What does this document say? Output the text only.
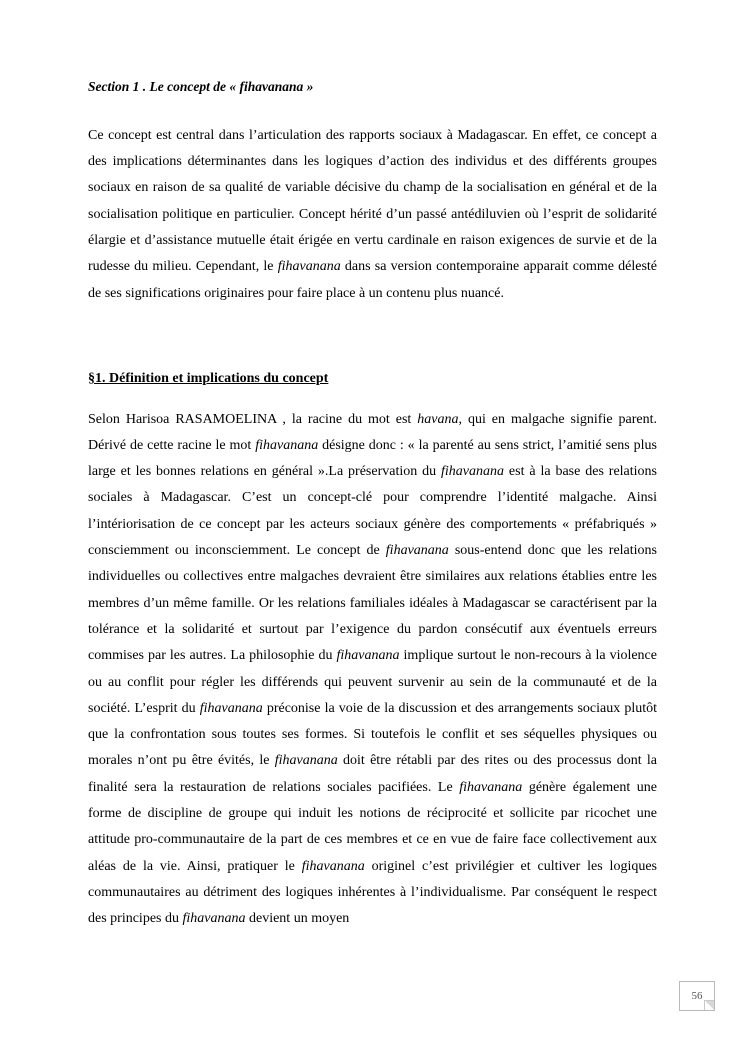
Section 1 . Le concept de « fihavanana »

Ce concept est central dans l’articulation des rapports sociaux à Madagascar. En effet, ce concept a des implications déterminantes dans les logiques d’action des individus et des différents groupes sociaux en raison de sa qualité de variable décisive du champ de la socialisation en général et de la socialisation politique en particulier. Concept hérité d’un passé antédiluvien où l’esprit de solidarité élargie et d’assistance mutuelle était érigée en vertu cardinale en raison exigences de survie et de la rudesse du milieu. Cependant, le fihavanana dans sa version contemporaine apparait comme délesté de ses significations originaires pour faire place à un contenu plus nuancé.

§1. Définition et implications du concept

Selon Harisoa RASAMOELINA , la racine du mot est havana, qui en malgache signifie parent. Dérivé de cette racine le mot fihavanana désigne donc : « la parenté au sens strict, l’amitié sens plus large et les bonnes relations en général ».La préservation du fihavanana est à la base des relations sociales à Madagascar. C’est un concept-clé pour comprendre l’identité malgache. Ainsi l’intériorisation de ce concept par les acteurs sociaux génère des comportements « préfabriqués » consciemment ou inconsciemment. Le concept de fihavanana sous-entend donc que les relations individuelles ou collectives entre malgaches devraient être similaires aux relations établies entre les membres d’un même famille. Or les relations familiales idéales à Madagascar se caractérisent par la tolérance et la solidarité et surtout par l’exigence du pardon consécutif aux éventuels erreurs commises par les autres. La philosophie du fihavanana implique surtout le non-recours à la violence ou au conflit pour régler les différends qui peuvent survenir au sein de la communauté et de la société. L’esprit du fihavanana préconise la voie de la discussion et des arrangements sociaux plutôt que la confrontation sous toutes ses formes. Si toutefois le conflit et ses séquelles physiques ou morales n’ont pu être évités, le fihavanana doit être rétabli par des rites ou des processus dont la finalité sera la restauration de relations sociales pacifiées. Le fihavanana génère également une forme de discipline de groupe qui induit les notions de réciprocité et sollicite par ricochet une attitude pro-communautaire de la part de ces membres et ce en vue de faire face collectivement aux aléas de la vie. Ainsi, pratiquer le fihavanana originel c’est privilégier et cultiver les logiques communautaires au détriment des logiques inhérentes à l’individualisme. Par conséquent le respect des principes du fihavanana devient un moyen

56
